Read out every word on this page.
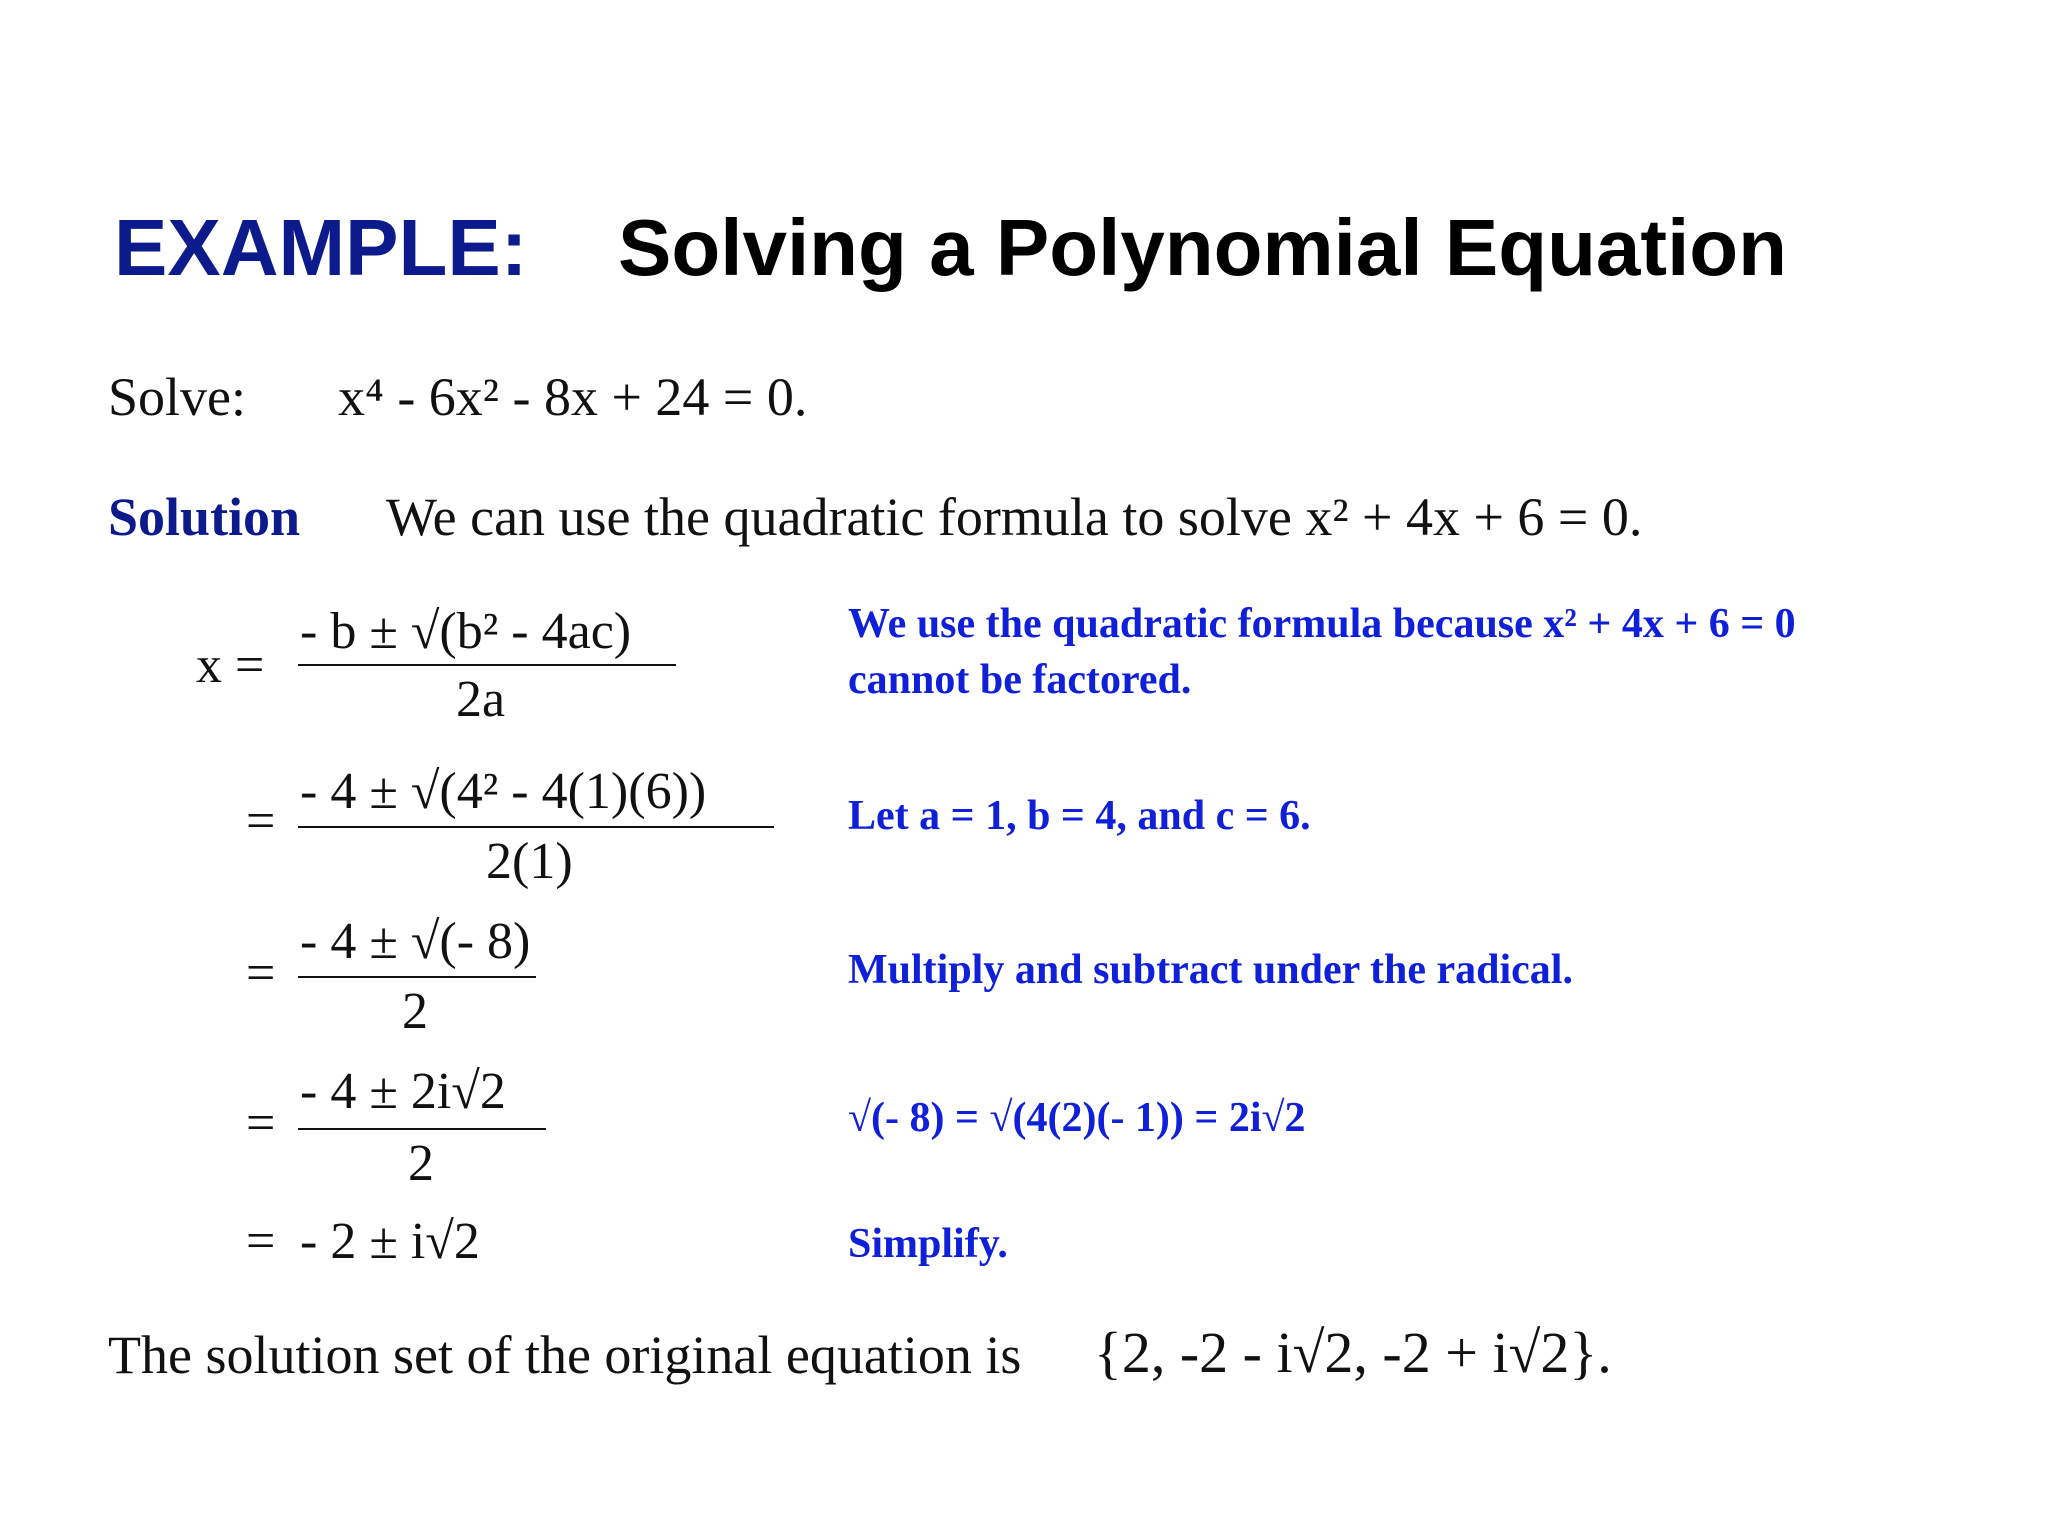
EXAMPLE: Solving a Polynomial Equation
Solve: x⁴ - 6x² - 8x + 24 = 0.
Solution We can use the quadratic formula to solve x² + 4x + 6 = 0.
x =
- b ± √(b² - 4ac)
2a
We use the quadratic formula because x² + 4x + 6 = 0 cannot be factored.
=
- 4 ± √(4² - 4(1)(6))
2(1)
Let a = 1, b = 4, and c = 6.
=
- 4 ± √(- 8)
2
Multiply and subtract under the radical.
=
- 4 ± 2i√2
2
√(- 8) = √(4(2)(- 1)) = 2i√2
= - 2 ± i√2	Simplify.
The solution set of the original equation is {2, -2 - i√2, -2 + i√2}.
